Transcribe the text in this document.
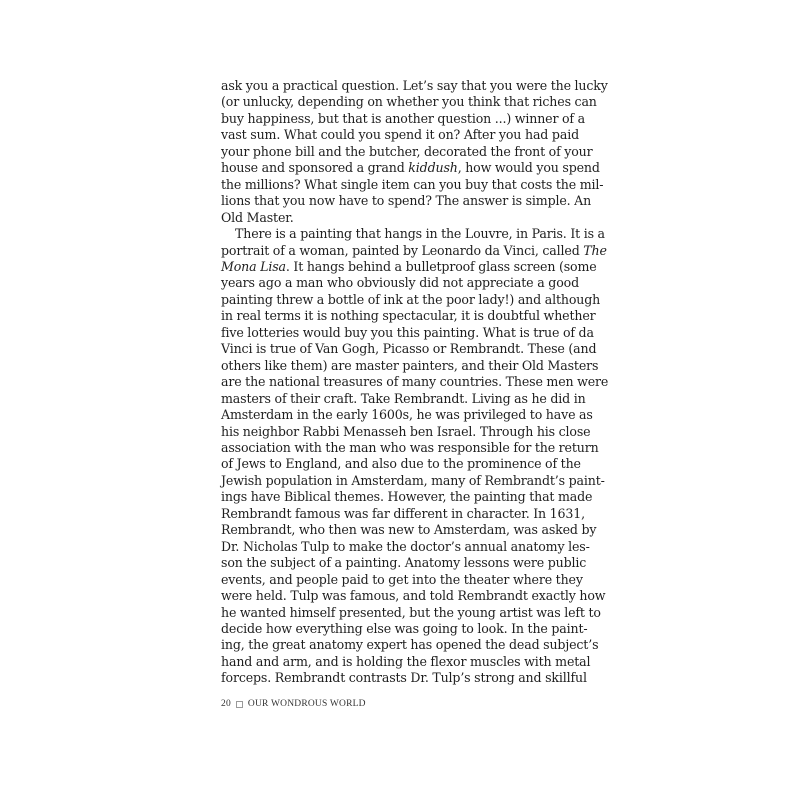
ask you a practical question. Let’s say that you were the lucky
(or unlucky, depending on whether you think that riches can
buy happiness, but that is another question ...) winner of a
vast sum. What could you spend it on? After you had paid
your phone bill and the butcher, decorated the front of your
house and sponsored a grand kiddush, how would you spend
the millions? What single item can you buy that costs the mil-
lions that you now have to spend? The answer is simple. An
Old Master.
There is a painting that hangs in the Louvre, in Paris. It is a
portrait of a woman, painted by Leonardo da Vinci, called The
Mona Lisa. It hangs behind a bulletproof glass screen (some
years ago a man who obviously did not appreciate a good
painting threw a bottle of ink at the poor lady!) and although
in real terms it is nothing spectacular, it is doubtful whether
five lotteries would buy you this painting. What is true of da
Vinci is true of Van Gogh, Picasso or Rembrandt. These (and
others like them) are master painters, and their Old Masters
are the national treasures of many countries. These men were
masters of their craft. Take Rembrandt. Living as he did in
Amsterdam in the early 1600s, he was privileged to have as
his neighbor Rabbi Menasseh ben Israel. Through his close
association with the man who was responsible for the return
of Jews to England, and also due to the prominence of the
Jewish population in Amsterdam, many of Rembrandt’s paint-
ings have Biblical themes. However, the painting that made
Rembrandt famous was far different in character. In 1631,
Rembrandt, who then was new to Amsterdam, was asked by
Dr. Nicholas Tulp to make the doctor’s annual anatomy les-
son the subject of a painting. Anatomy lessons were public
events, and people paid to get into the theater where they
were held. Tulp was famous, and told Rembrandt exactly how
he wanted himself presented, but the young artist was left to
decide how everything else was going to look. In the paint-
ing, the great anatomy expert has opened the dead subject’s
hand and arm, and is holding the flexor muscles with metal
forceps. Rembrandt contrasts Dr. Tulp’s strong and skillful
20 OUR WONDROUS WORLD
